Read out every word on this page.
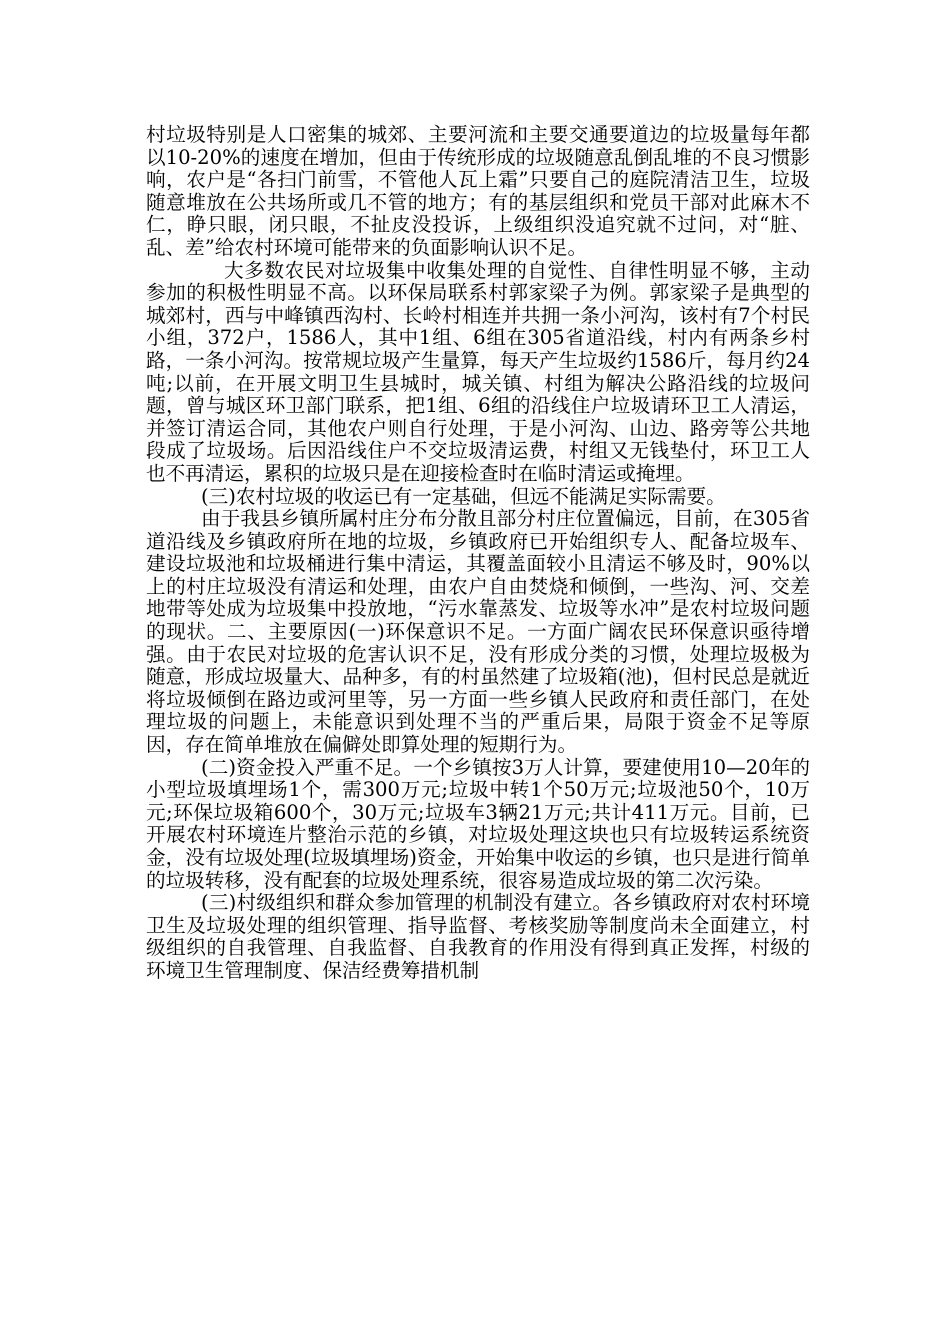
村垃圾特别是人口密集的城郊、主要河流和主要交通要道边的垃圾量每年都以10-20%的速度在增加，但由于传统形成的垃圾随意乱倒乱堆的不良习惯影响，农户是“各扫门前雪，不管他人瓦上霜”只要自己的庭院清洁卫生，垃圾随意堆放在公共场所或几不管的地方；有的基层组织和党员干部对此麻木不仁，睁只眼，闭只眼，不扯皮没投诉，上级组织没追究就不过问，对“脏、乱、差”给农村环境可能带来的负面影响认识不足。

大多数农民对垃圾集中收集处理的自觉性、自律性明显不够，主动参加的积极性明显不高。以环保局联系村郭家梁子为例。郭家梁子是典型的城郊村，西与中峰镇西沟村、长岭村相连并共拥一条小河沟，该村有7个村民小组，372户，1586人，其中1组、6组在305省道沿线，村内有两条乡村路，一条小河沟。按常规垃圾产生量算，每天产生垃圾约1586斤，每月约24吨;以前，在开展文明卫生县城时，城关镇、村组为解决公路沿线的垃圾问题，曾与城区环卫部门联系，把1组、6组的沿线住户垃圾请环卫工人清运，并签订清运合同，其他农户则自行处理，于是小河沟、山边、路旁等公共地段成了垃圾场。后因沿线住户不交垃圾清运费，村组又无钱垫付，环卫工人也不再清运，累积的垃圾只是在迎接检查时在临时清运或掩埋。

(三)农村垃圾的收运已有一定基础，但远不能满足实际需要。

由于我县乡镇所属村庄分布分散且部分村庄位置偏远，目前，在305省道沿线及乡镇政府所在地的垃圾，乡镇政府已开始组织专人、配备垃圾车、建设垃圾池和垃圾桶进行集中清运，其覆盖面较小且清运不够及时，90%以上的村庄垃圾没有清运和处理，由农户自由焚烧和倾倒，一些沟、河、交差地带等处成为垃圾集中投放地，“污水靠蒸发、垃圾等水冲”是农村垃圾问题的现状。二、主要原因(一)环保意识不足。一方面广阔农民环保意识亟待增强。由于农民对垃圾的危害认识不足，没有形成分类的习惯，处理垃圾极为随意，形成垃圾量大、品种多，有的村虽然建了垃圾箱(池)，但村民总是就近将垃圾倾倒在路边或河里等，另一方面一些乡镇人民政府和责任部门，在处理垃圾的问题上，未能意识到处理不当的严重后果，局限于资金不足等原因，存在简单堆放在偏僻处即算处理的短期行为。

(二)资金投入严重不足。一个乡镇按3万人计算，要建使用10—20年的小型垃圾填埋场1个，需300万元;垃圾中转1个50万元;垃圾池50个，10万元;环保垃圾箱600个，30万元;垃圾车3辆21万元;共计411万元。目前，已开展农村环境连片整治示范的乡镇，对垃圾处理这块也只有垃圾转运系统资金，没有垃圾处理(垃圾填埋场)资金，开始集中收运的乡镇，也只是进行简单的垃圾转移，没有配套的垃圾处理系统，很容易造成垃圾的第二次污染。

(三)村级组织和群众参加管理的机制没有建立。各乡镇政府对农村环境卫生及垃圾处理的组织管理、指导监督、考核奖励等制度尚未全面建立，村级组织的自我管理、自我监督、自我教育的作用没有得到真正发挥，村级的环境卫生管理制度、保洁经费筹措机制
